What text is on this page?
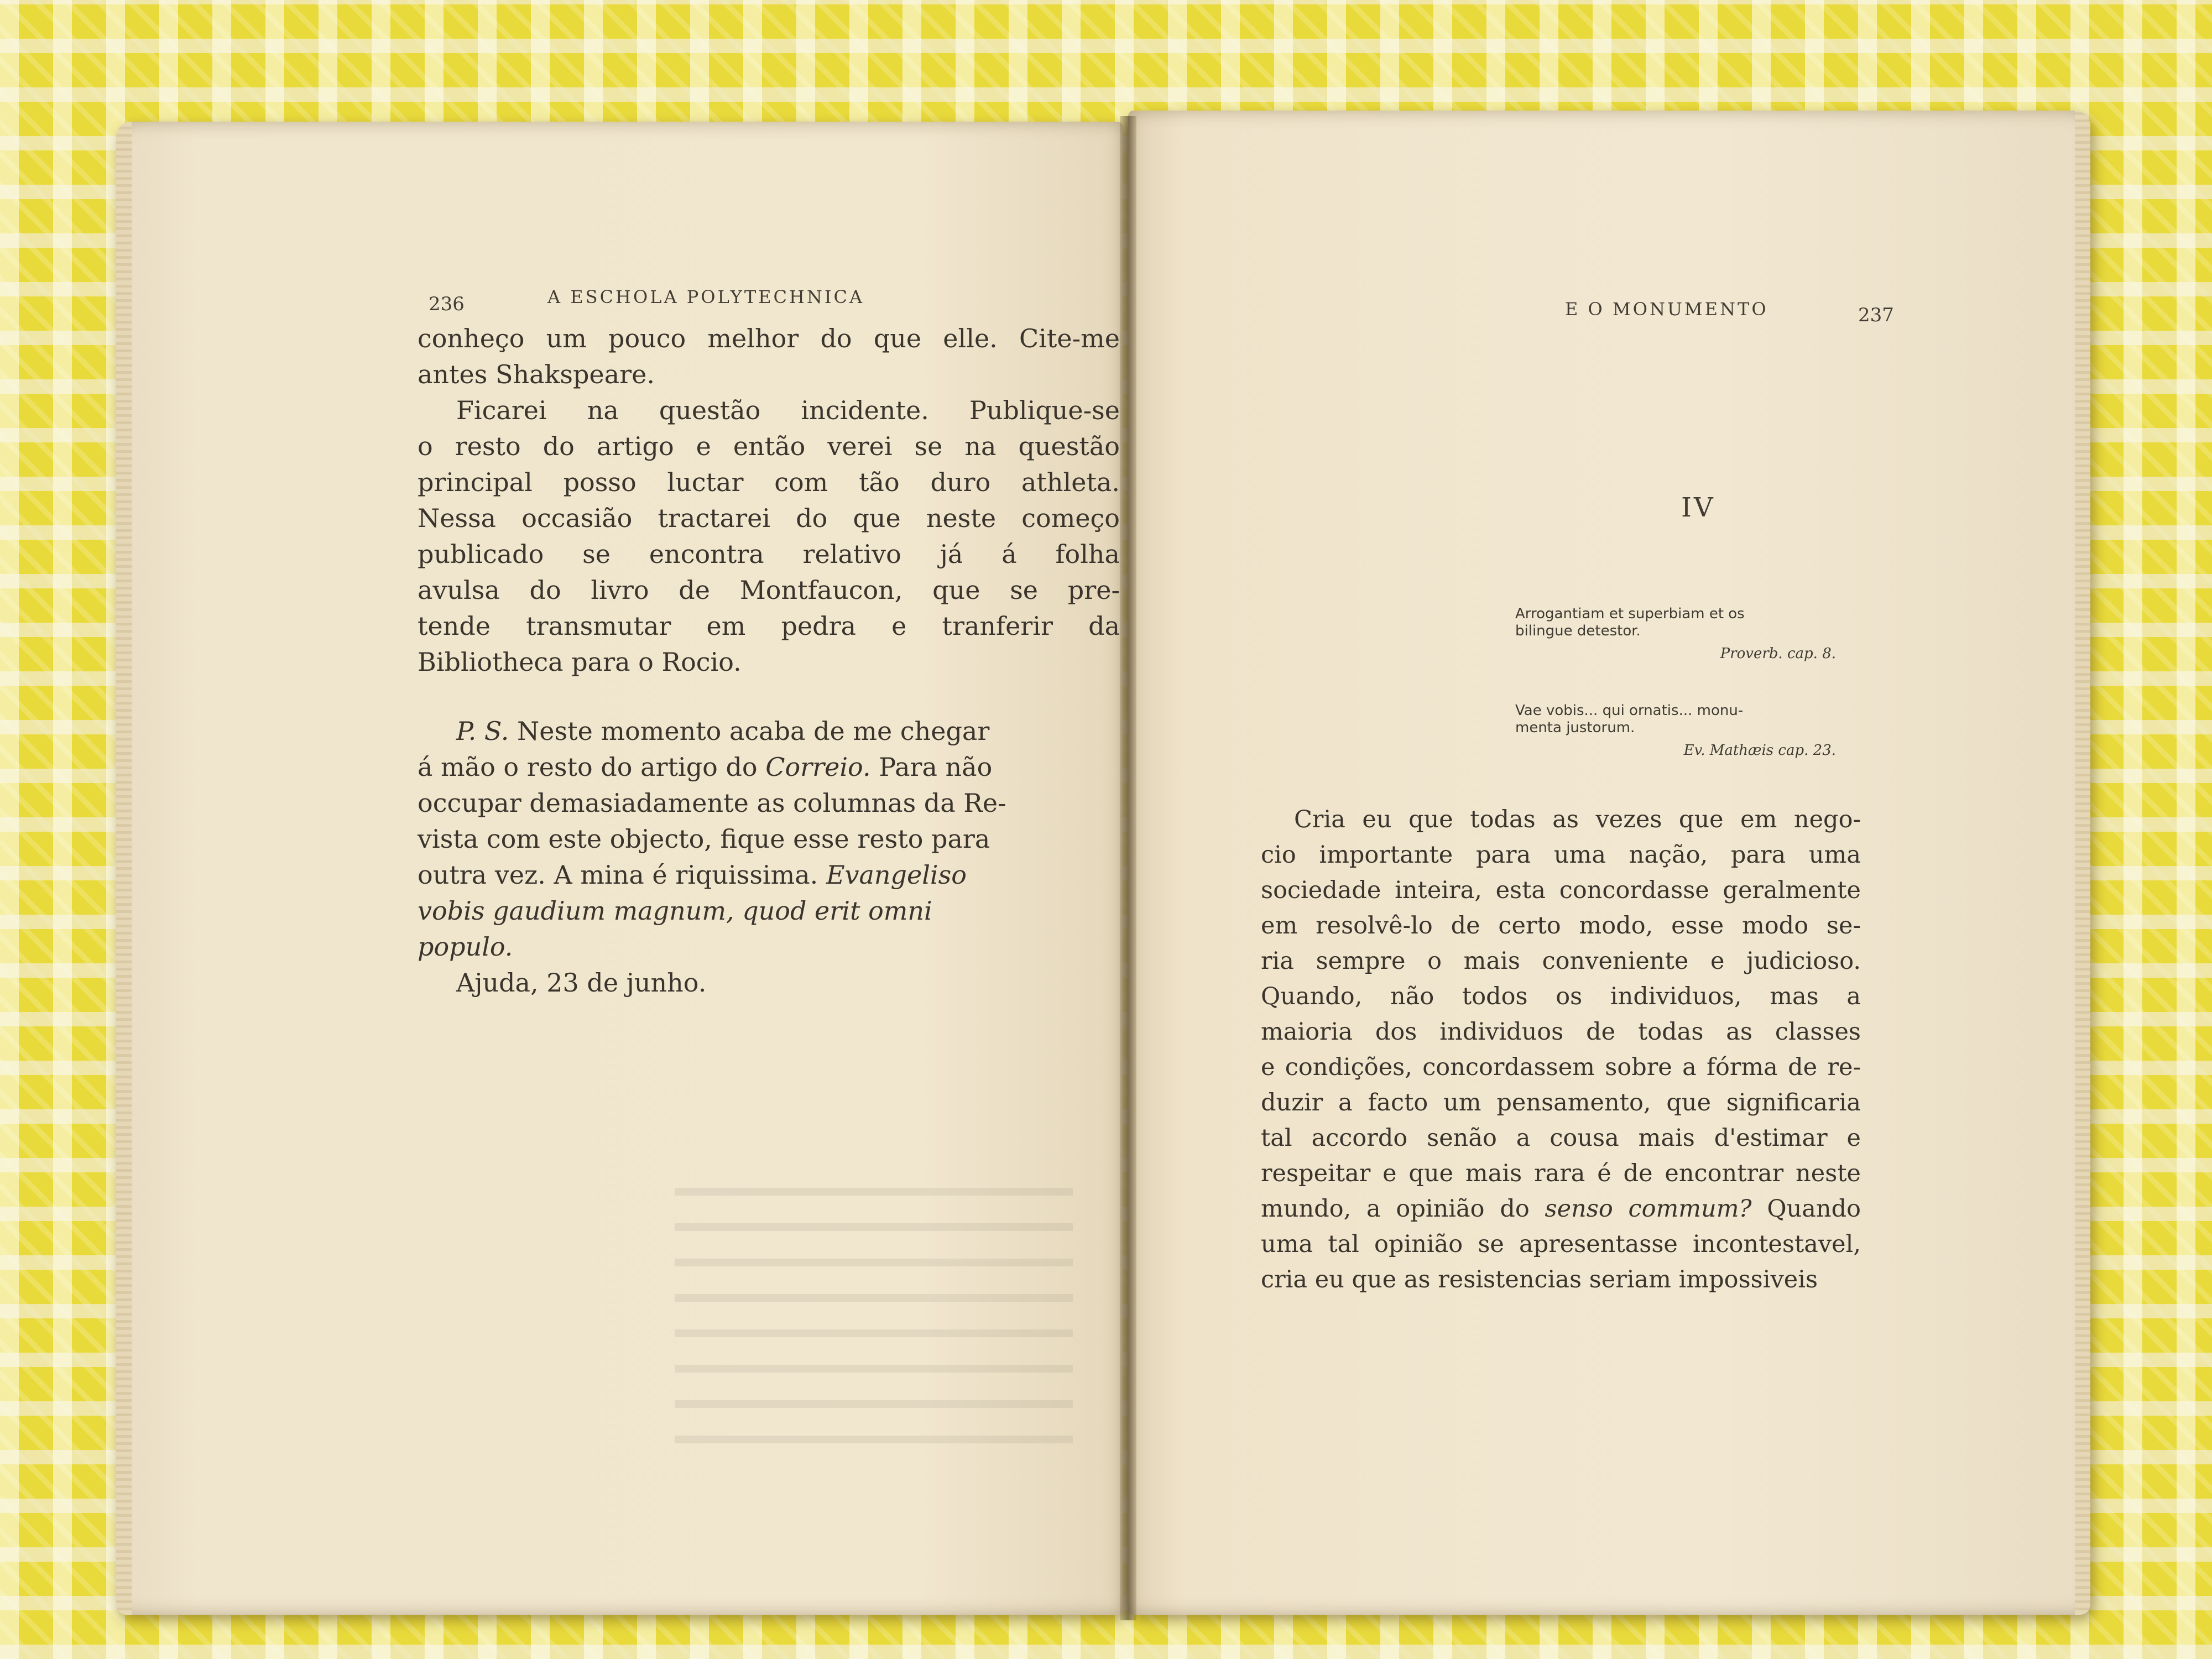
236	A ESCHOLA POLYTECHNICA
conheço um pouco melhor do que elle. Cite-me
antes Shakspeare.
Ficarei na questão incidente. Publique-se
o resto do artigo e então verei se na questão
principal posso luctar com tão duro athleta.
Nessa occasião tractarei do que neste começo
publicado se encontra relativo já á folha
avulsa do livro de Montfaucon, que se pre-
tende transmutar em pedra e tranferir da
Bibliotheca para o Rocio.
P. S. Neste momento acaba de me chegar
á mão o resto do artigo do Correio. Para não
occupar demasiadamente as columnas da Re-
vista com este objecto, fique esse resto para
outra vez. A mina é riquissima. Evangeliso
vobis gaudium magnum, quod erit omni
populo.
Ajuda, 23 de junho.
E O MONUMENTO	237
IV
Arrogantiam et superbiam et os
bilingue detestor.
Proverb. cap. 8.
Vae vobis... qui ornatis... monu-
menta justorum.
Ev. Mathæis cap. 23.
Cria eu que todas as vezes que em nego-
cio importante para uma nação, para uma
sociedade inteira, esta concordasse geralmente
em resolvê-lo de certo modo, esse modo se-
ria sempre o mais conveniente e judicioso.
Quando, não todos os individuos, mas a
maioria dos individuos de todas as classes
e condições, concordassem sobre a fórma de re-
duzir a facto um pensamento, que significaria
tal accordo senão a cousa mais d'estimar e
respeitar e que mais rara é de encontrar neste
mundo, a opinião do senso commum? Quando
uma tal opinião se apresentasse incontestavel,
cria eu que as resistencias seriam impossiveis
